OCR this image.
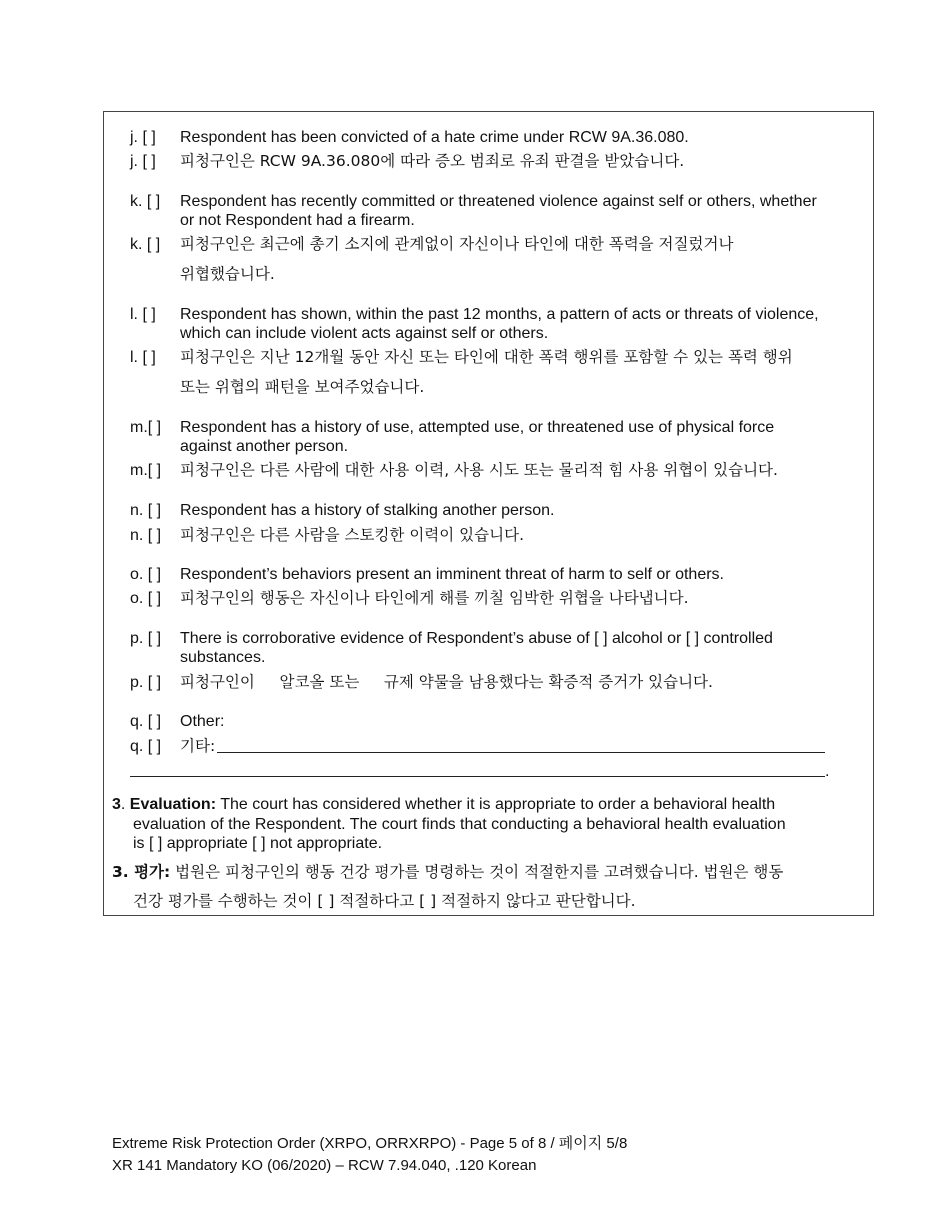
j. [ ] Respondent has been convicted of a hate crime under RCW 9A.36.080.
j. [ ] 피청구인은 RCW 9A.36.080에 따라 증오 범죄로 유죄 판결을 받았습니다.
k. [ ] Respondent has recently committed or threatened violence against self or others, whether
or not Respondent had a firearm.
k. [ ] 피청구인은 최근에 총기 소지에 관계없이 자신이나 타인에 대한 폭력을 저질렀거나
위협했습니다.
l. [ ] Respondent has shown, within the past 12 months, a pattern of acts or threats of violence,
which can include violent acts against self or others.
l. [ ] 피청구인은 지난 12개월 동안 자신 또는 타인에 대한 폭력 행위를 포함할 수 있는 폭력 행위
또는 위협의 패턴을 보여주었습니다.
m.[ ] Respondent has a history of use, attempted use, or threatened use of physical force
against another person.
m.[ ] 피청구인은 다른 사람에 대한 사용 이력, 사용 시도 또는 물리적 힘 사용 위협이 있습니다.
n. [ ] Respondent has a history of stalking another person.
n. [ ] 피청구인은 다른 사람을 스토킹한 이력이 있습니다.
o. [ ] Respondent’s behaviors present an imminent threat of harm to self or others.
o. [ ] 피청구인의 행동은 자신이나 타인에게 해를 끼칠 임박한 위협을 나타냅니다.
p. [ ] There is corroborative evidence of Respondent’s abuse of [ ] alcohol or [ ] controlled
substances.
p. [ ] 피청구인이     알코올 또는     규제 약물을 남용했다는 확증적 증거가 있습니다.
q. [ ] Other:
q. [ ] 기타:
.
3. Evaluation: The court has considered whether it is appropriate to order a behavioral health
evaluation of the Respondent. The court finds that conducting a behavioral health evaluation
is [ ] appropriate [ ] not appropriate.
3. 평가: 법원은 피청구인의 행동 건강 평가를 명령하는 것이 적절한지를 고려했습니다. 법원은 행동
건강 평가를 수행하는 것이 [ ] 적절하다고 [ ] 적절하지 않다고 판단합니다.
Extreme Risk Protection Order (XRPO, ORRXRPO) - Page 5 of 8 / 페이지 5/8
XR 141 Mandatory KO (06/2020) – RCW 7.94.040, .120 Korean
